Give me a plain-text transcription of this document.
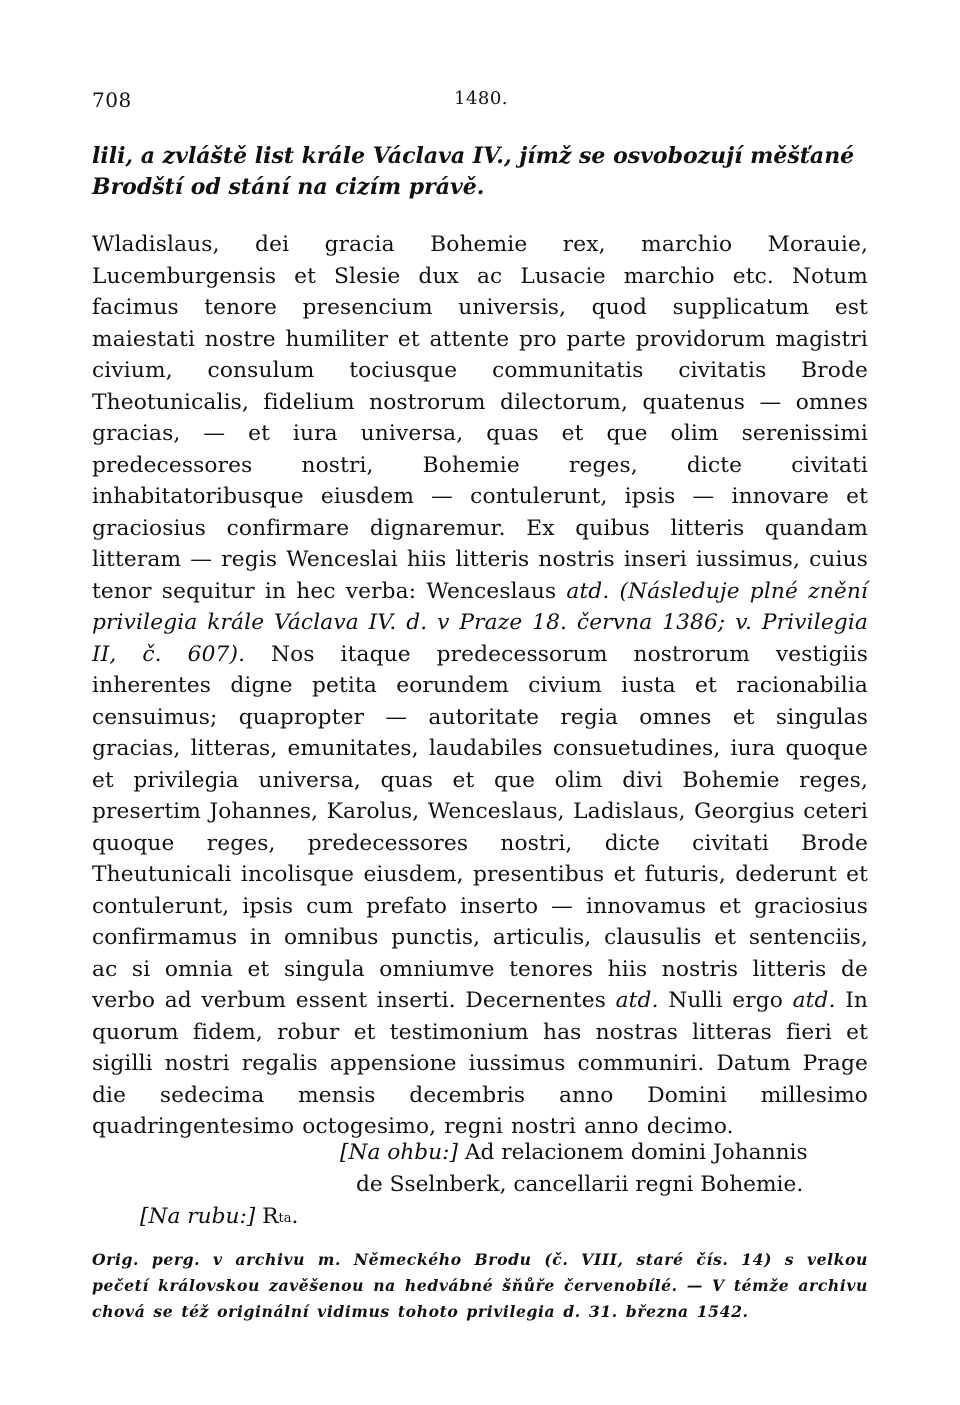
708	1480.
lili, a zvláště list krále Václava IV., jímž se osvobozují měšťané
Brodští od stání na cizím právě.
Wladislaus, dei gracia Bohemie rex, marchio Morauie, Lucemburgensis et Slesie dux ac Lusacie marchio etc. Notum facimus tenore presencium universis, quod supplicatum est maiestati nostre humiliter et attente pro parte providorum magistri civium, consulum tociusque communitatis civitatis Brode Theotunicalis, fidelium nostrorum dilectorum, quatenus — omnes gracias, — et iura universa, quas et que olim serenissimi predecessores nostri, Bohemie reges, dicte civitati inhabitatoribusque eiusdem — contulerunt, ipsis — innovare et graciosius confirmare dignaremur. Ex quibus litteris quandam litteram — regis Wenceslai hiis litteris nostris inseri iussimus, cuius tenor sequitur in hec verba: Wenceslaus atd. (Následuje plné znění privilegia krále Václava IV. d. v Praze 18. června 1386; v. Privilegia II, č. 607). Nos itaque predecessorum nostrorum vestigiis inherentes digne petita eorundem civium iusta et racionabilia censuimus; quapropter — autoritate regia omnes et singulas gracias, litteras, emunitates, laudabiles consuetudines, iura quoque et privilegia universa, quas et que olim divi Bohemie reges, presertim Johannes, Karolus, Wenceslaus, Ladislaus, Georgius ceteri quoque reges, predecessores nostri, dicte civitati Brode Theutunicali incolisque eiusdem, presentibus et futuris, dederunt et contulerunt, ipsis cum prefato inserto — innovamus et graciosius confirmamus in omnibus punctis, articulis, clausulis et sentenciis, ac si omnia et singula omniumve tenores hiis nostris litteris de verbo ad verbum essent inserti. Decernentes atd. Nulli ergo atd. In quorum fidem, robur et testimonium has nostras litteras fieri et sigilli nostri regalis appensione iussimus communiri. Datum Prage die sedecima mensis decembris anno Domini millesimo quadringentesimo octogesimo, regni nostri anno decimo.
[Na ohbu:] Ad relacionem domini Johannis
de Sselnberk, cancellarii regni Bohemie.
[Na rubu:] $R^{ta}$.
Orig. perg. v archivu m. Německého Brodu (č. VIII, staré čís. 14) s velkou pečetí královskou zavěšenou na hedvábné šňůře červenobílé. — V témže archivu chová se též originální vidimus tohoto privilegia d. 31. března 1542.
